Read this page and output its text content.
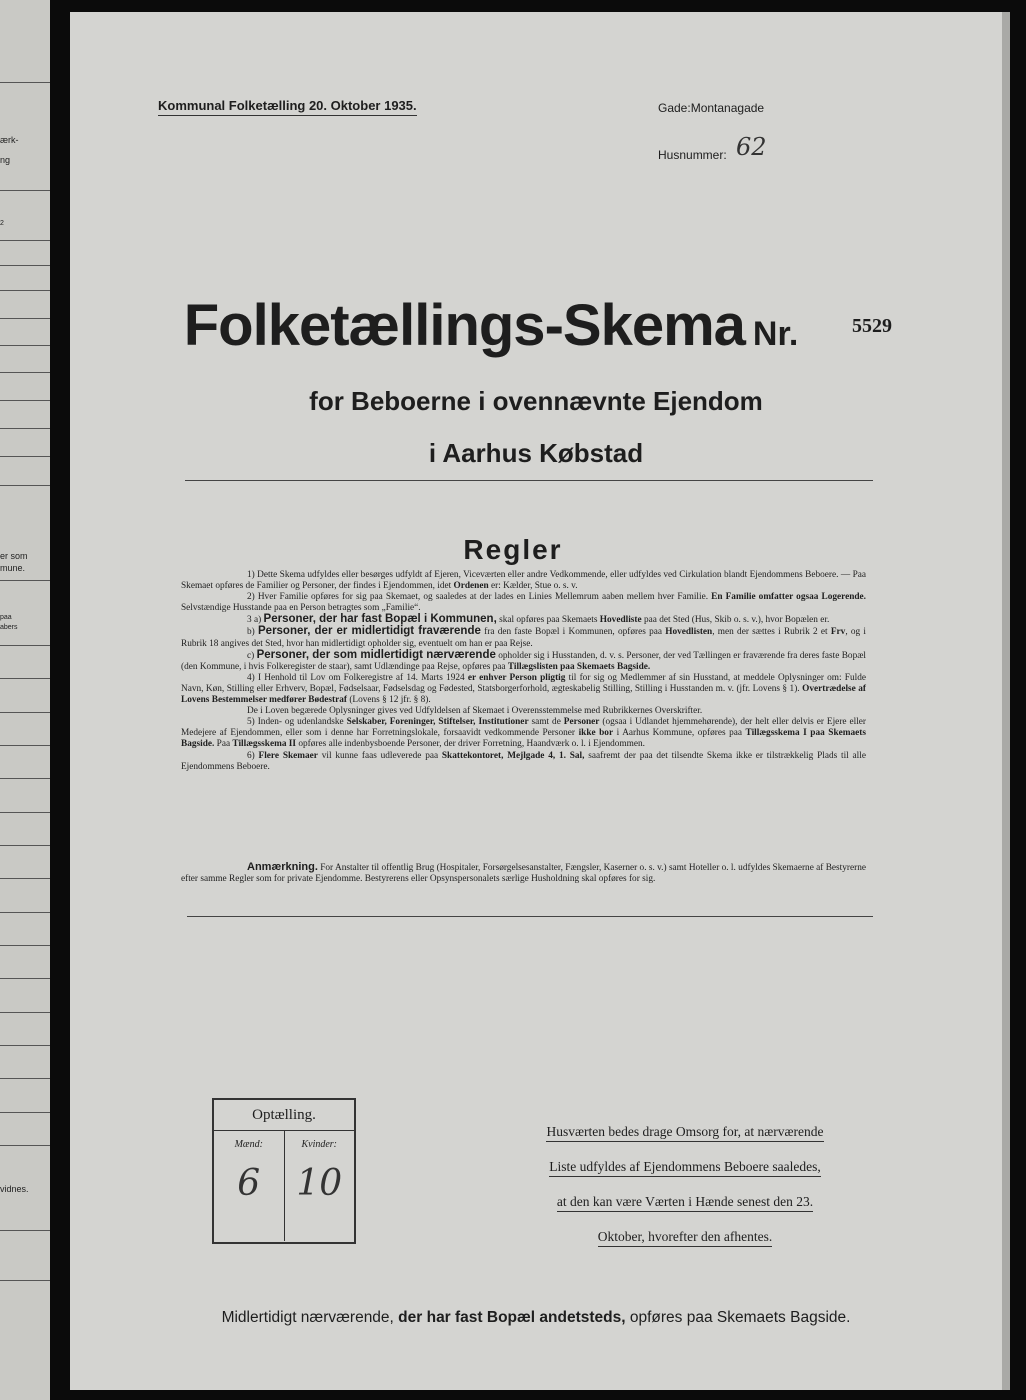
ærk-
ng
2
er som
mune.
paa
abers
vidnes.
Kommunal Folketælling 20. Oktober 1935.	Gade:Montanagade
Husnummer: 62
Folketællings-Skema Nr.	5529
for Beboerne i ovennævnte Ejendom
i Aarhus Købstad
Regler

1) Dette Skema udfyldes eller besørges udfyldt af Ejeren, Viceværten eller andre Vedkommende, eller udfyldes ved Cirkulation blandt Ejendommens Beboere. — Paa Skemaet opføres de Familier og Personer, der findes i Ejendommen, idet Ordenen er: Kælder, Stue o. s. v.

2) Hver Familie opføres for sig paa Skemaet, og saaledes at der lades en Linies Mellemrum aaben mellem hver Familie. En Familie omfatter ogsaa Logerende. Selvstændige Husstande paa en Person betragtes som „Familie“.

3 a) Personer, der har fast Bopæl i Kommunen, skal opføres paa Skemaets Hovedliste paa det Sted (Hus, Skib o. s. v.), hvor Bopælen er.

b) Personer, der er midlertidigt fraværende fra den faste Bopæl i Kommunen, opføres paa Hovedlisten, men der sættes i Rubrik 2 et Frv, og i Rubrik 18 angives det Sted, hvor han midlertidigt opholder sig, eventuelt om han er paa Rejse.

c) Personer, der som midlertidigt nærværende opholder sig i Husstanden, d. v. s. Personer, der ved Tællingen er fraværende fra deres faste Bopæl (den Kommune, i hvis Folkeregister de staar), samt Udlændinge paa Rejse, opføres paa Tillægslisten paa Skemaets Bagside.

4) I Henhold til Lov om Folkeregistre af 14. Marts 1924 er enhver Person pligtig til for sig og Medlemmer af sin Husstand, at meddele Oplysninger om: Fulde Navn, Køn, Stilling eller Erhverv, Bopæl, Fødselsaar, Fødselsdag og Fødested, Statsborgerforhold, ægteskabelig Stilling, Stilling i Husstanden m. v. (jfr. Lovens § 1). Overtrædelse af Lovens Bestemmelser medfører Bødestraf (Lovens § 12 jfr. § 8).

De i Loven begærede Oplysninger gives ved Udfyldelsen af Skemaet i Overensstemmelse med Rubrikkernes Overskrifter.

5) Inden- og udenlandske Selskaber, Foreninger, Stiftelser, Institutioner samt de Personer (ogsaa i Udlandet hjemmehørende), der helt eller delvis er Ejere eller Medejere af Ejendommen, eller som i denne har Forretningslokale, forsaavidt vedkommende Personer ikke bor i Aarhus Kommune, opføres paa Tillægsskema I paa Skemaets Bagside. Paa Tillægsskema II opføres alle indenbysboende Personer, der driver Forretning, Haandværk o. l. i Ejendommen.

6) Flere Skemaer vil kunne faas udleverede paa Skattekontoret, Mejlgade 4, 1. Sal, saafremt der paa det tilsendte Skema ikke er tilstrækkelig Plads til alle Ejendommens Beboere.

Anmærkning. For Anstalter til offentlig Brug (Hospitaler, Forsørgelsesanstalter, Fængsler, Kaserner o. s. v.) samt Hoteller o. l. udfyldes Skemaerne af Bestyrerne efter samme Regler som for private Ejendomme. Bestyrerens eller Opsynspersonalets særlige Husholdning skal opføres for sig.

Optælling.
Mænd:
6
Kvinder:
10
Husværten bedes drage Omsorg for, at nærværende
Liste udfyldes af Ejendommens Beboere saaledes,
at den kan være Værten i Hænde senest den 23.
Oktober, hvorefter den afhentes.
Midlertidigt nærværende, der har fast Bopæl andetsteds, opføres paa Skemaets Bagside.
